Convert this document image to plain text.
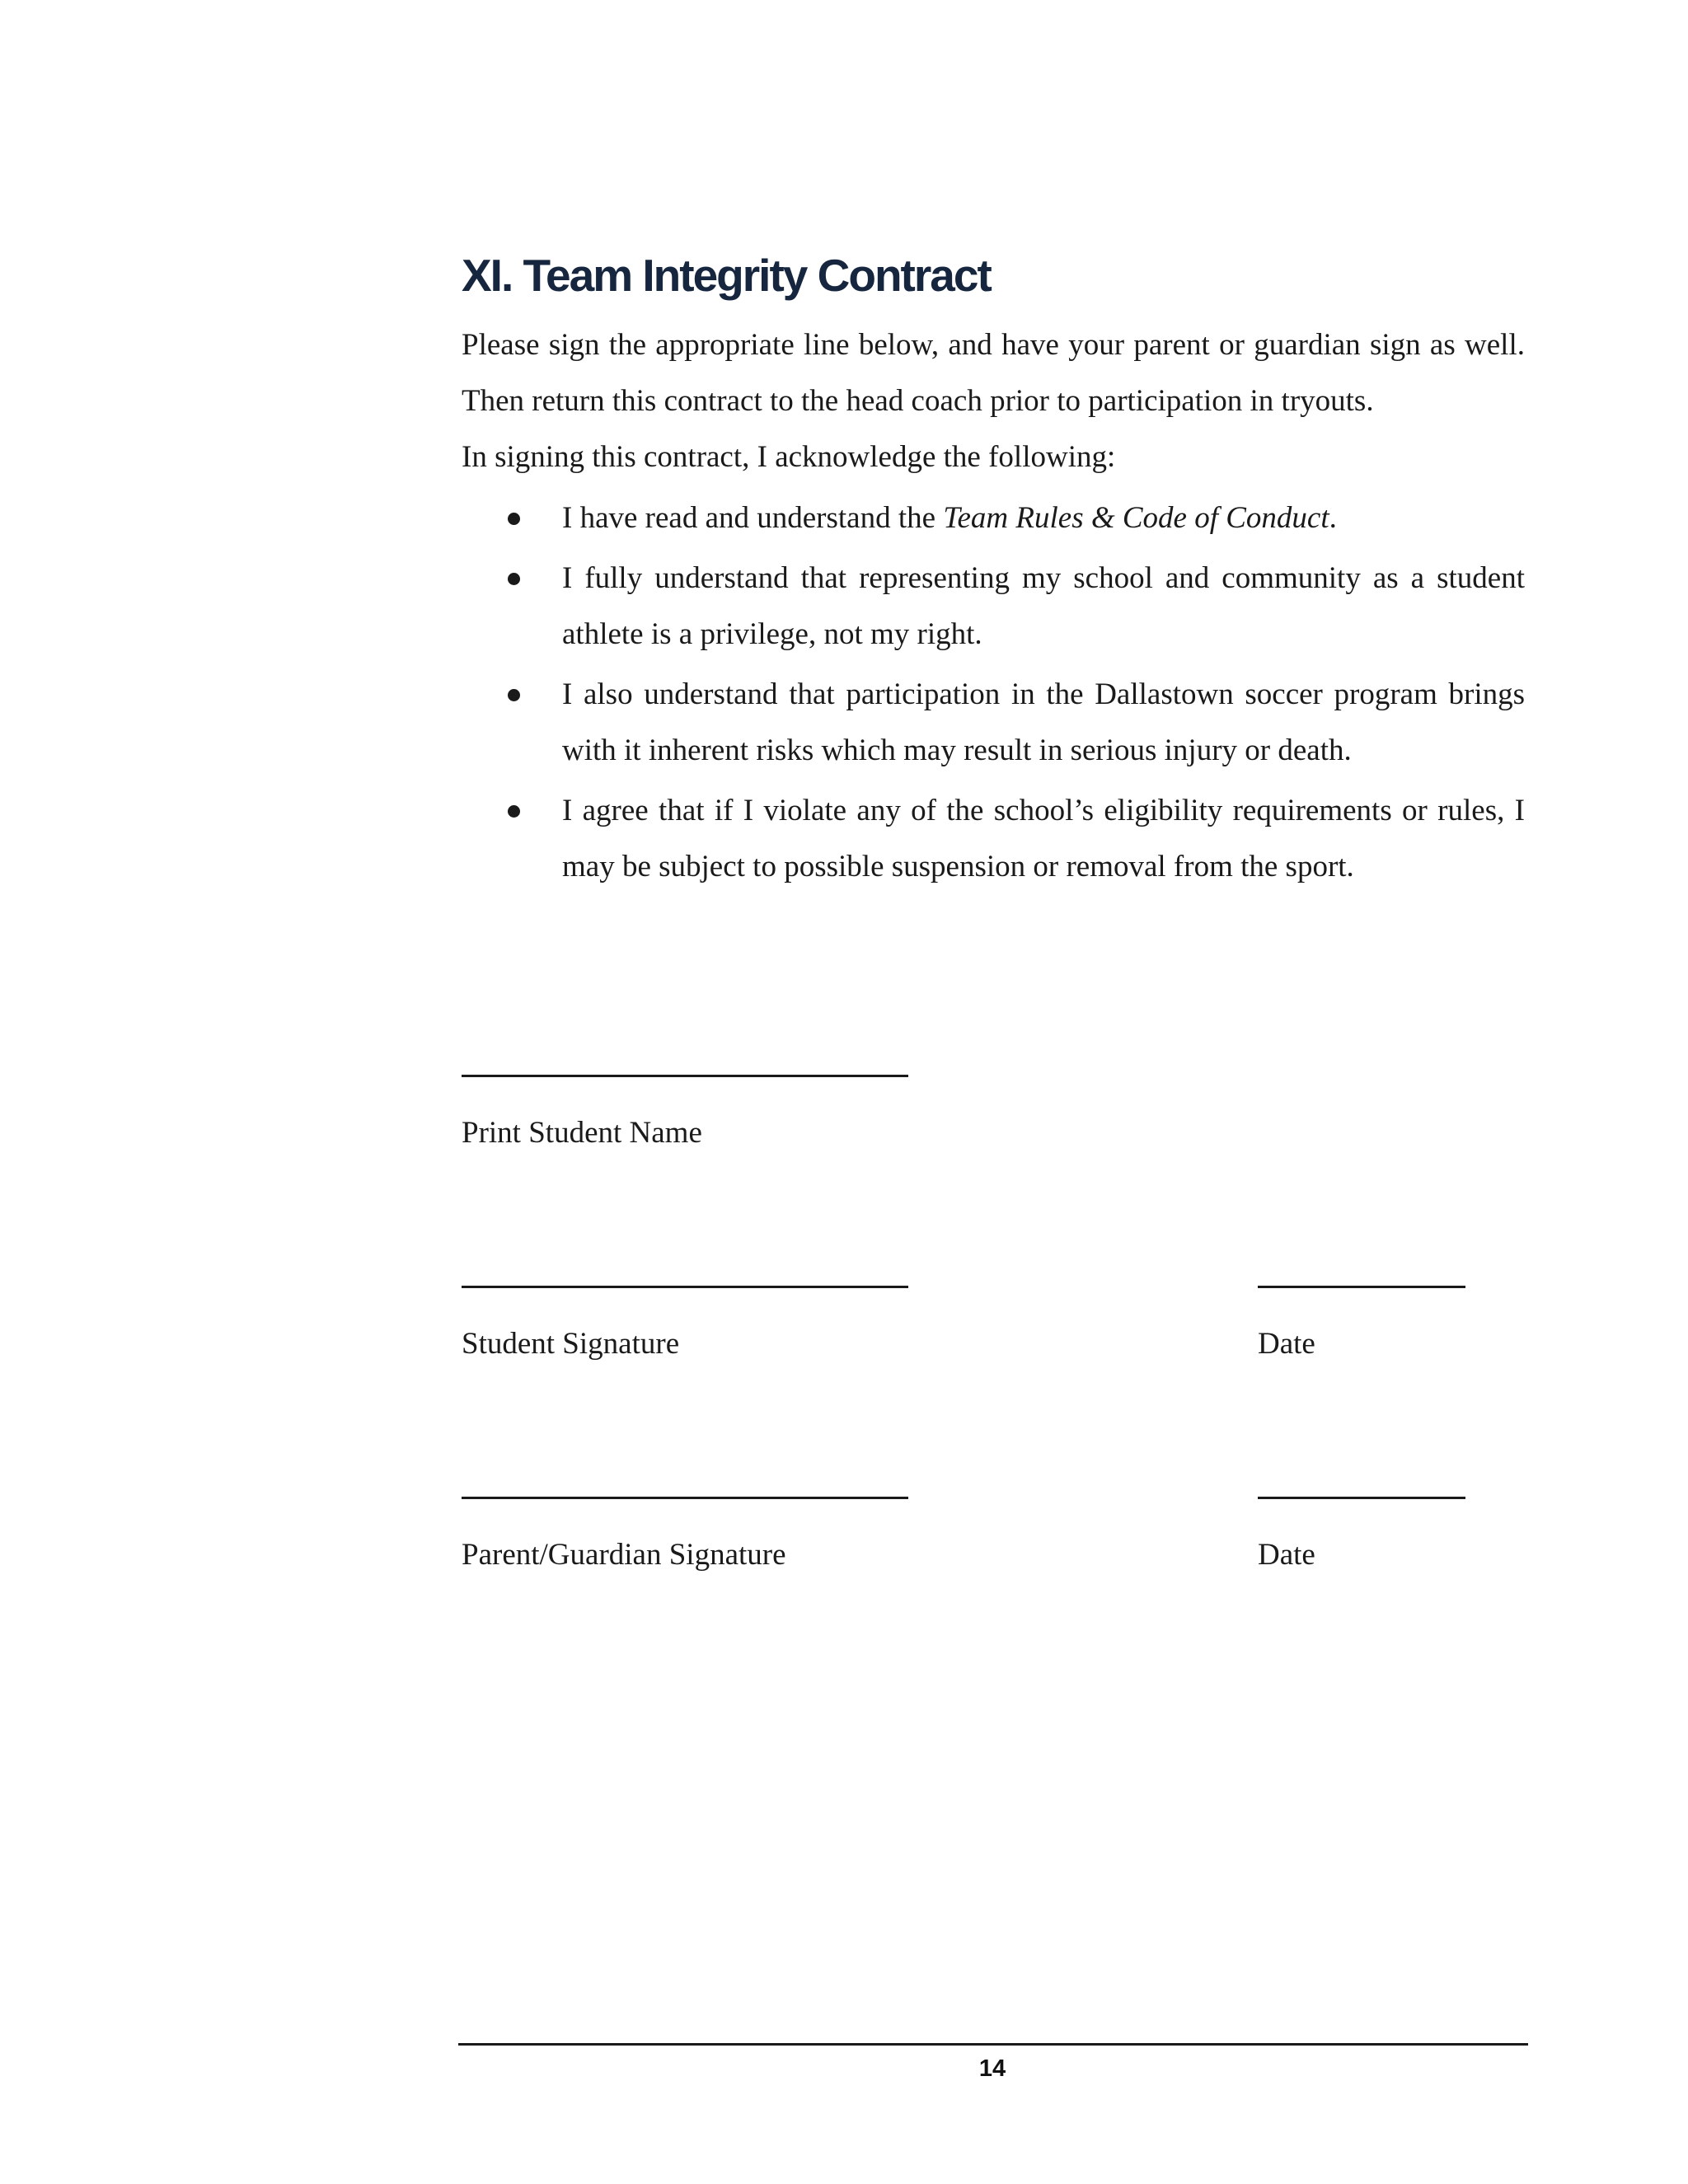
XI. Team Integrity Contract

Please sign the appropriate line below, and have your parent or guardian sign as well. Then return this contract to the head coach prior to participation in tryouts.

In signing this contract, I acknowledge the following:

I have read and understand the Team Rules & Code of Conduct.
I fully understand that representing my school and community as a student athlete is a privilege, not my right.
I also understand that participation in the Dallastown soccer program brings with it inherent risks which may result in serious injury or death.
I agree that if I violate any of the school’s eligibility requirements or rules, I may be subject to possible suspension or removal from the sport.
Print Student Name
Student Signature	Date
Parent/Guardian Signature	Date
14
